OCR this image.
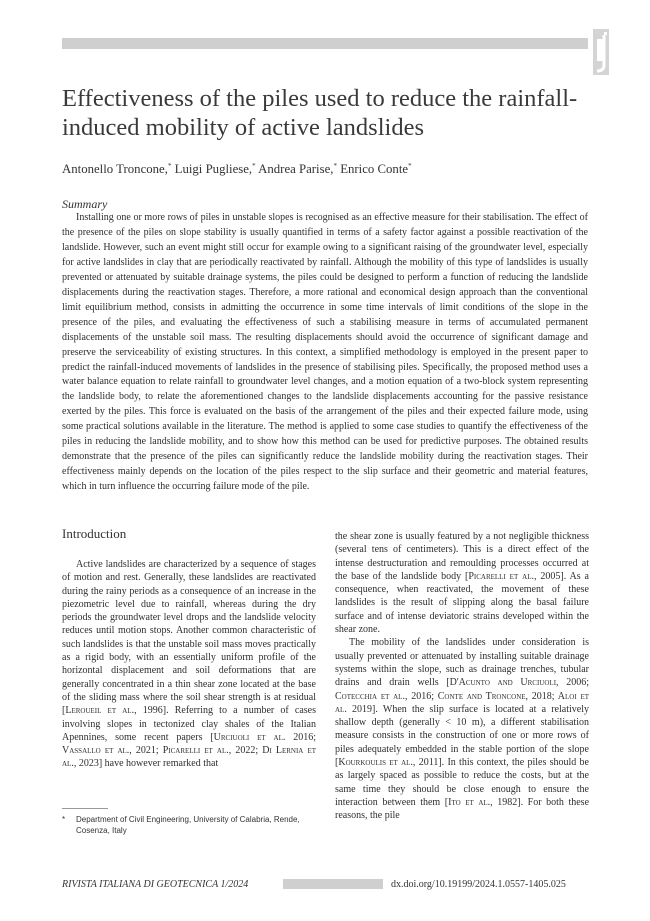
Effectiveness of the piles used to reduce the rainfall-induced mobility of active landslides
Antonello Troncone,* Luigi Pugliese,* Andrea Parise,* Enrico Conte*
Summary

Installing one or more rows of piles in unstable slopes is recognised as an effective measure for their stabilisation. The effect of the presence of the piles on slope stability is usually quantified in terms of a safety factor against a possible reactivation of the landslide. However, such an event might still occur for example owing to a significant raising of the groundwater level, especially for active landslides in clay that are periodically reactivated by rainfall. Although the mobility of this type of landslides is usually prevented or attenuated by suitable drainage systems, the piles could be designed to perform a function of reducing the landslide displacements during the reactivation stages. Therefore, a more rational and economical design approach than the conventional limit equilibrium method, consists in admitting the occurrence in some time intervals of limit conditions of the slope in the presence of the piles, and evaluating the effectiveness of such a stabilising measure in terms of accumulated permanent displacements of the unstable soil mass. The resulting displacements should avoid the occurrence of significant damage and preserve the serviceability of existing structures. In this context, a simplified methodology is employed in the present paper to predict the rainfall-induced movements of landslides in the presence of stabilising piles. Specifically, the proposed method uses a water balance equation to relate rainfall to groundwater level changes, and a motion equation of a two-block system representing the landslide body, to relate the aforementioned changes to the landslide displacements accounting for the passive resistance exerted by the piles. This force is evaluated on the basis of the arrangement of the piles and their expected failure mode, using some practical solutions available in the literature. The method is applied to some case studies to quantify the effectiveness of the piles in reducing the landslide mobility, and to show how this method can be used for predictive purposes. The obtained results demonstrate that the presence of the piles can significantly reduce the landslide mobility during the reactivation stages. Their effectiveness mainly depends on the location of the piles respect to the slip surface and their geometric and material features, which in turn influence the occurring failure mode of the pile.

Introduction

Active landslides are characterized by a sequence of stages of motion and rest. Generally, these landslides are reactivated during the rainy periods as a consequence of an increase in the piezometric level due to rainfall, whereas during the dry periods the groundwater level drops and the landslide velocity reduces until motion stops. Another common characteristic of such landslides is that the unstable soil mass moves practically as a rigid body, with an essentially uniform profile of the horizontal displacement and soil deformations that are generally concentrated in a thin shear zone located at the base of the sliding mass where the soil shear strength is at residual [Leroueil et al., 1996]. Referring to a number of cases involving slopes in tectonized clay shales of the Italian Apennines, some recent papers [Urciuoli et al. 2016; Vassallo et al., 2021; Picarelli et al., 2022; Di Lernia et al., 2023] have however remarked that

the shear zone is usually featured by a not negligible thickness (several tens of centimeters). This is a direct effect of the intense destructuration and remoulding processes occurred at the base of the landslide body [Picarelli et al., 2005]. As a consequence, when reactivated, the movement of these landslides is the result of slipping along the basal failure surface and of intense deviatoric strains developed within the shear zone.

The mobility of the landslides under consideration is usually prevented or attenuated by installing suitable drainage systems within the slope, such as drainage trenches, tubular drains and drain wells [D'Acunto and Urciuoli, 2006; Cotecchia et al., 2016; Conte and Troncone, 2018; Aloi et al. 2019]. When the slip surface is located at a relatively shallow depth (generally < 10 m), a different stabilisation measure consists in the construction of one or more rows of piles adequately embedded in the stable portion of the slope [Kourkoulis et al., 2011]. In this context, the piles should be as largely spaced as possible to reduce the costs, but at the same time they should be close enough to ensure the interaction between them [Ito et al., 1982]. For both these reasons, the pile

* Department of Civil Engineering, University of Calabria, Rende,
Cosenza, Italy
RIVISTA ITALIANA DI GEOTECNICA 1/2024	dx.doi.org/10.19199/2024.1.0557-1405.025
